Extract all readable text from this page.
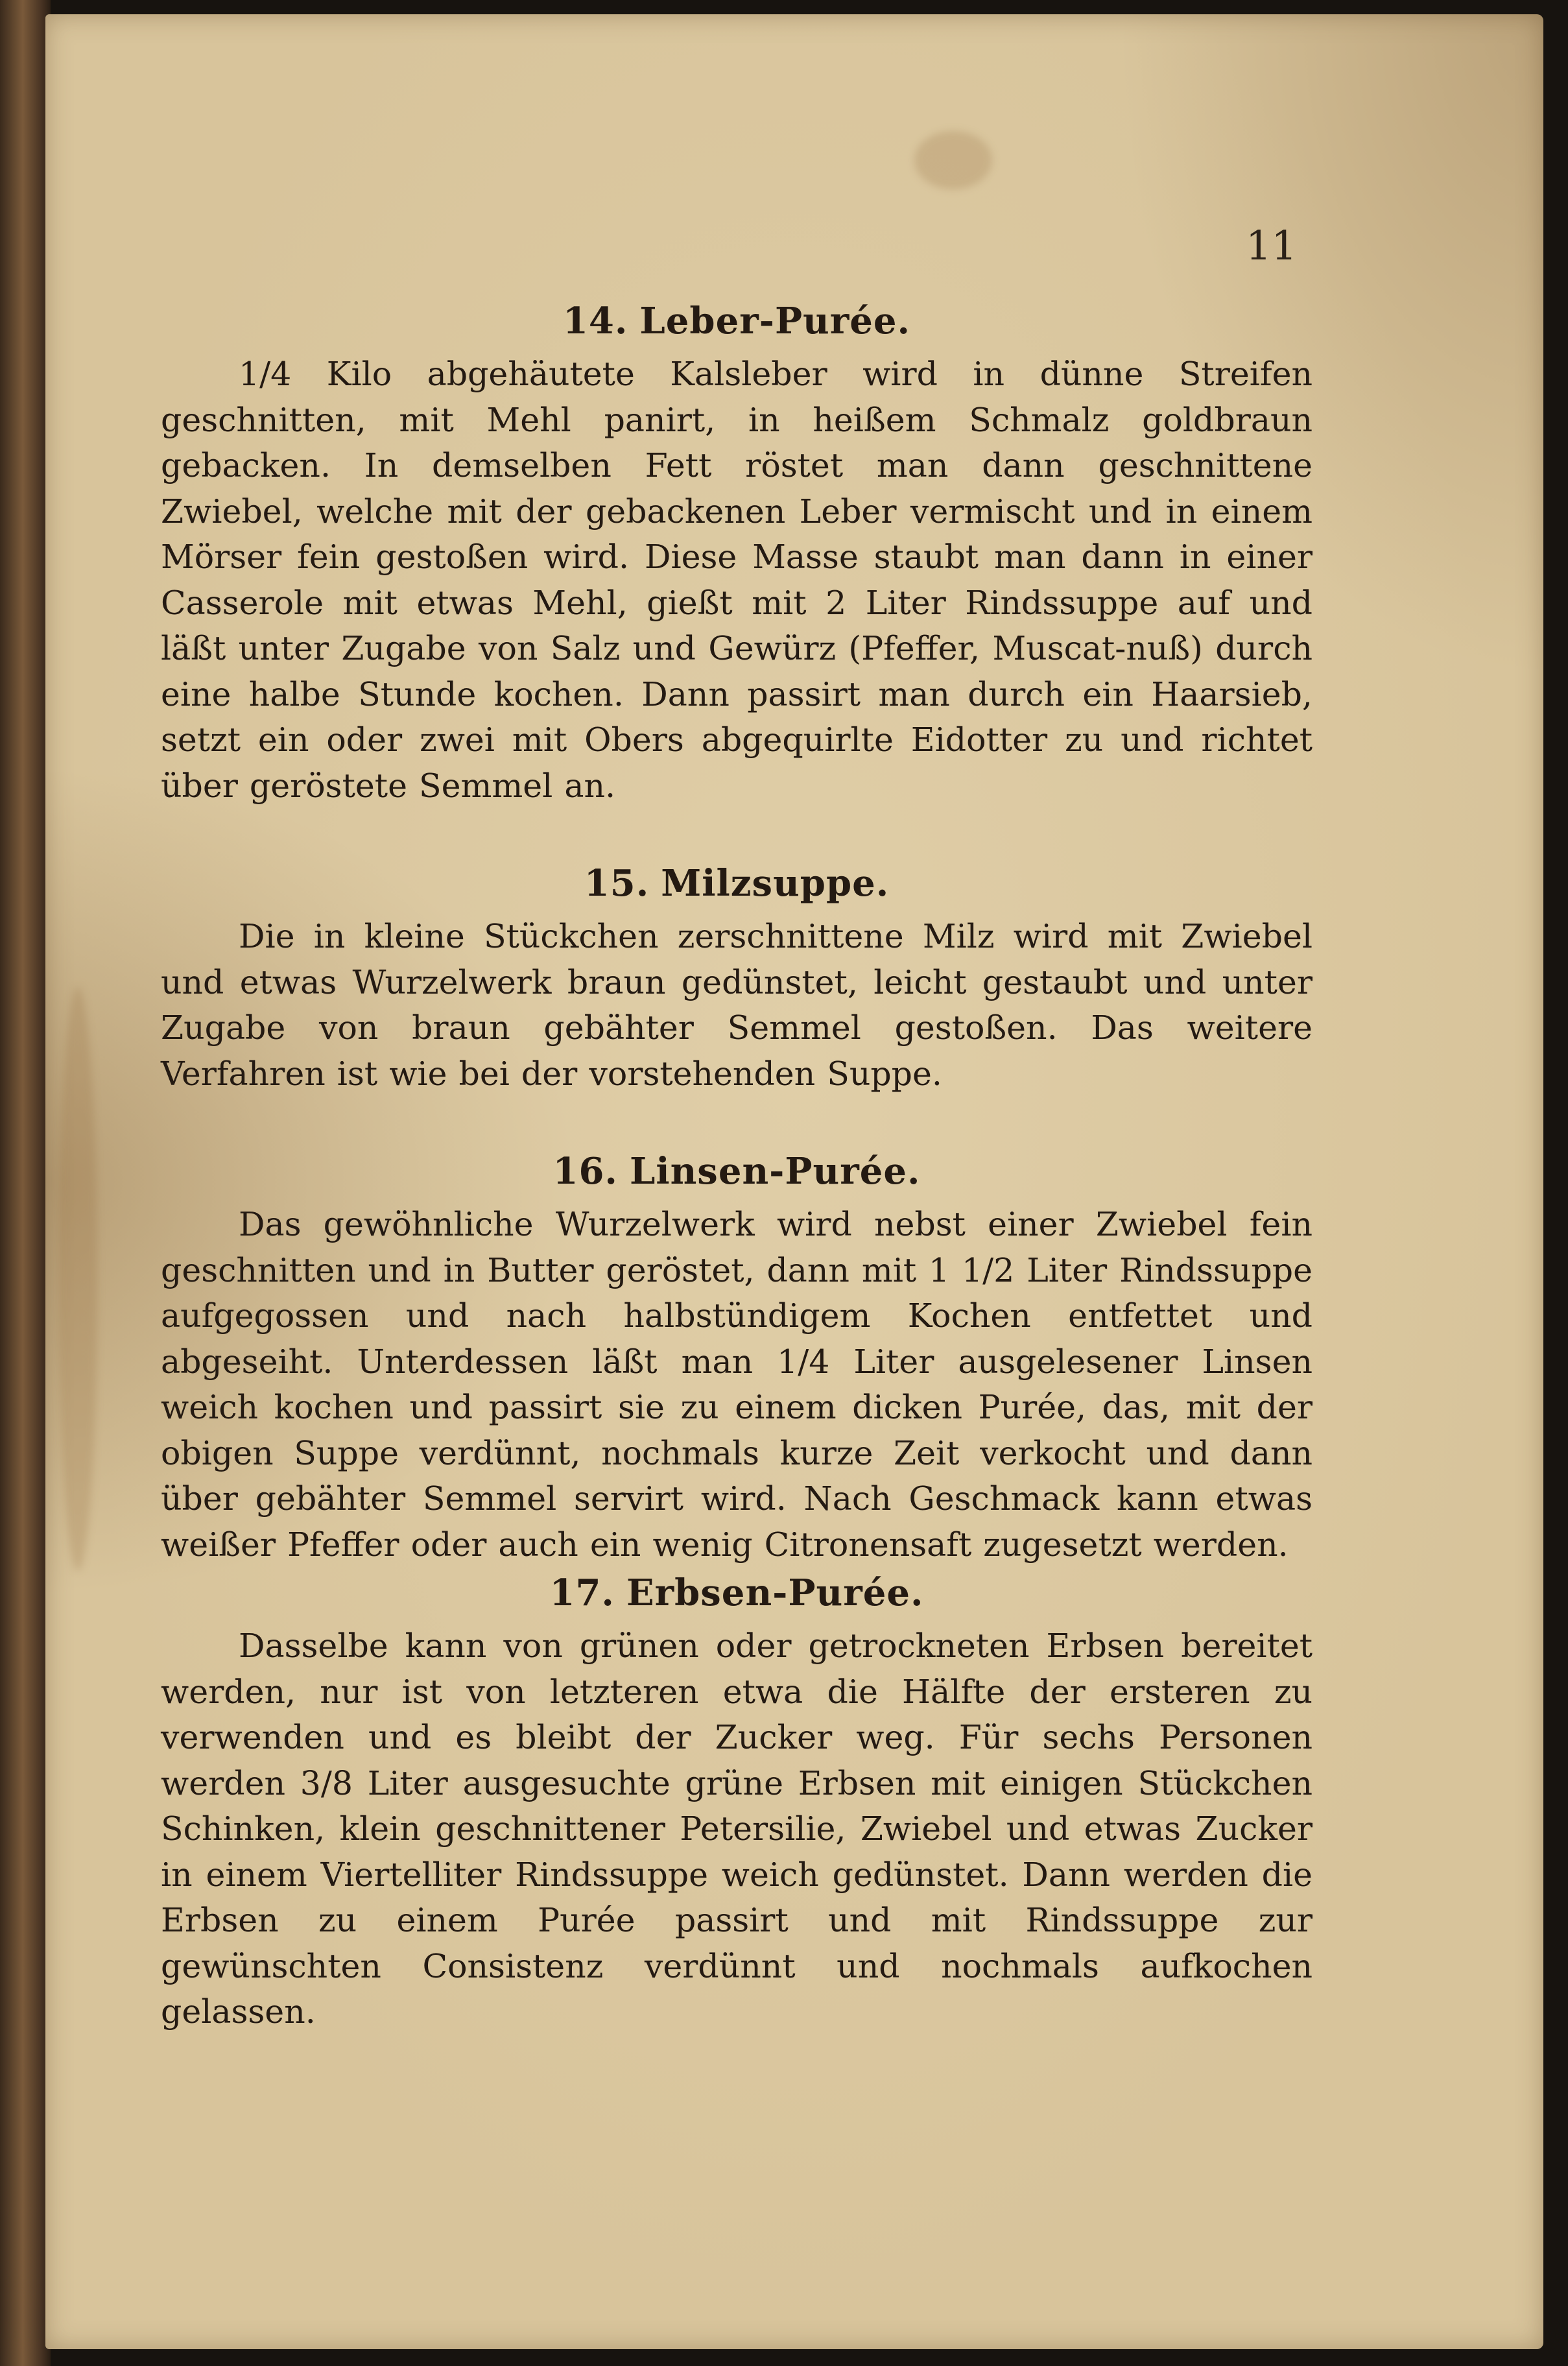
11
14. Leber-Purée.

1/4 Kilo abgehäutete Kalsleber wird in dünne Streifen geschnitten, mit Mehl panirt, in heißem Schmalz goldbraun gebacken. In demselben Fett röstet man dann geschnittene Zwiebel, welche mit der gebackenen Leber vermischt und in einem Mörser fein gestoßen wird. Diese Masse staubt man dann in einer Casserole mit etwas Mehl, gießt mit 2 Liter Rindssuppe auf und läßt unter Zugabe von Salz und Gewürz (Pfeffer, Muscat-nuß) durch eine halbe Stunde kochen. Dann passirt man durch ein Haarsieb, setzt ein oder zwei mit Obers abgequirlte Eidotter zu und richtet über geröstete Semmel an.

15. Milzsuppe.

Die in kleine Stückchen zerschnittene Milz wird mit Zwiebel und etwas Wurzelwerk braun gedünstet, leicht gestaubt und unter Zugabe von braun gebähter Semmel gestoßen. Das weitere Verfahren ist wie bei der vorstehenden Suppe.

16. Linsen-Purée.

Das gewöhnliche Wurzelwerk wird nebst einer Zwiebel fein geschnitten und in Butter geröstet, dann mit 1 1/2 Liter Rindssuppe aufgegossen und nach halbstündigem Kochen entfettet und abgeseiht. Unterdessen läßt man 1/4 Liter ausgelesener Linsen weich kochen und passirt sie zu einem dicken Purée, das, mit der obigen Suppe verdünnt, nochmals kurze Zeit verkocht und dann über gebähter Semmel servirt wird. Nach Geschmack kann etwas weißer Pfeffer oder auch ein wenig Citronensaft zugesetzt werden.

17. Erbsen-Purée.

Dasselbe kann von grünen oder getrockneten Erbsen bereitet werden, nur ist von letzteren etwa die Hälfte der ersteren zu verwenden und es bleibt der Zucker weg. Für sechs Personen werden 3/8 Liter ausgesuchte grüne Erbsen mit einigen Stückchen Schinken, klein geschnittener Petersilie, Zwiebel und etwas Zucker in einem Viertelliter Rindssuppe weich gedünstet. Dann werden die Erbsen zu einem Purée passirt und mit Rindssuppe zur gewünschten Consistenz verdünnt und nochmals aufkochen gelassen.
